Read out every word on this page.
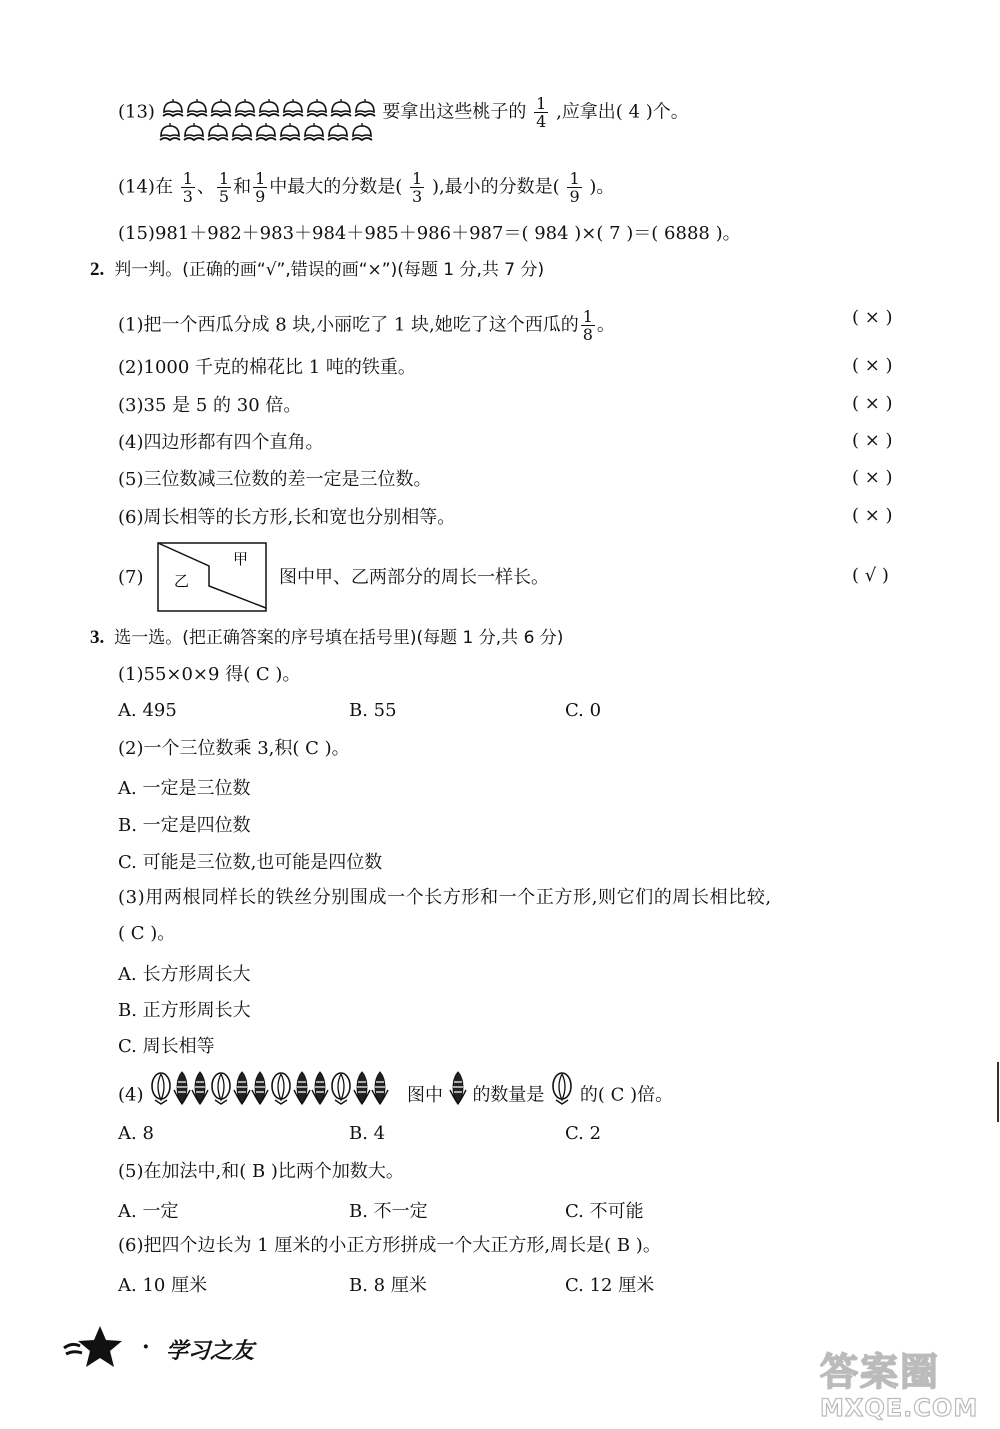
(13)	要拿出这些桃子的 $\frac{1}{4}$ ,应拿出( 4 )个。
(14)在 $\frac{1}{3}$ 、 $\frac{1}{5}$ 和 $\frac{1}{9}$ 中最大的分数是( $\frac{1}{3}$ ),最小的分数是( $\frac{1}{9}$ )。
(15)981＋982＋983＋984＋985＋986＋987＝( 984 )×( 7 )＝( 6888 )。
2. 判一判。(正确的画“√”,错误的画“×”)(每题 1 分,共 7 分)
(1)把一个西瓜分成 8 块,小丽吃了 1 块,她吃了这个西瓜的 $\frac{1}{8}$ 。	( × )
(2)1000 千克的棉花比 1 吨的铁重。	( × )
(3)35 是 5 的 30 倍。	( × )
(4)四边形都有四个直角。	( × )
(5)三位数减三位数的差一定是三位数。	( × )
(6)周长相等的长方形,长和宽也分别相等。	( × )
(7)
甲
乙	图中甲、乙两部分的周长一样长。	( √ )
3. 选一选。(把正确答案的序号填在括号里)(每题 1 分,共 6 分)
(1)55×0×9 得( C )。
A. 495	B. 55	C. 0
(2)一个三位数乘 3,积( C )。
A. 一定是三位数
B. 一定是四位数
C. 可能是三位数,也可能是四位数
(3)用两根同样长的铁丝分别围成一个长方形和一个正方形,则它们的周长相比较,
( C )。
A. 长方形周长大
B. 正方形周长大
C. 周长相等
(4)	图中 的数量是 的( C )倍。
A. 8	B. 4	C. 2
(5)在加法中,和( B )比两个加数大。
A. 一定	B. 不一定	C. 不可能
(6)把四个边长为 1 厘米的小正方形拼成一个大正方形,周长是( B )。
A. 10 厘米	B. 8 厘米	C. 12 厘米
· 学习之友	答案圈
MXQE.COM
